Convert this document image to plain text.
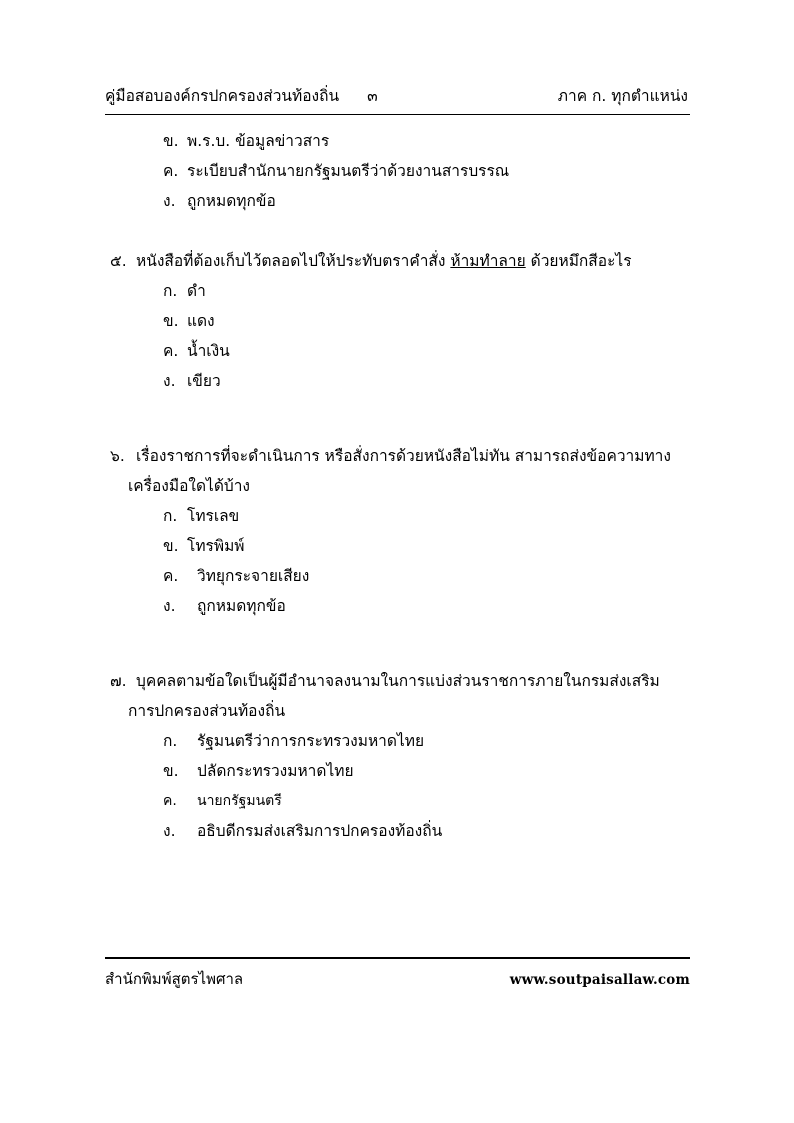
คู่มือสอบองค์กรปกครองส่วนท้องถิ่น ๓	ภาค ก. ทุกตำแหน่ง
ข. พ.ร.บ. ข้อมูลข่าวสาร
ค. ระเบียบสำนักนายกรัฐมนตรีว่าด้วยงานสารบรรณ
ง. ถูกหมดทุกข้อ
๕. หนังสือที่ต้องเก็บไว้ตลอดไปให้ประทับตราคำสั่ง ห้ามทำลาย ด้วยหมึกสีอะไร
ก. ดำ
ข. แดง
ค. น้ำเงิน
ง. เขียว
๖. เรื่องราชการที่จะดำเนินการ หรือสั่งการด้วยหนังสือไม่ทัน สามารถส่งข้อความทาง
เครื่องมือใดได้บ้าง
ก. โทรเลข
ข. โทรพิมพ์
ค.	วิทยุกระจายเสียง
ง.	ถูกหมดทุกข้อ
๗. บุคคลตามข้อใดเป็นผู้มีอำนาจลงนามในการแบ่งส่วนราชการภายในกรมส่งเสริม
การปกครองส่วนท้องถิ่น
ก.	รัฐมนตรีว่าการกระทรวงมหาดไทย
ข.	ปลัดกระทรวงมหาดไทย
ค.	นายกรัฐมนตรี
ง.	อธิบดีกรมส่งเสริมการปกครองท้องถิ่น
สำนักพิมพ์สูตรไพศาล	www.soutpaisallaw.com
